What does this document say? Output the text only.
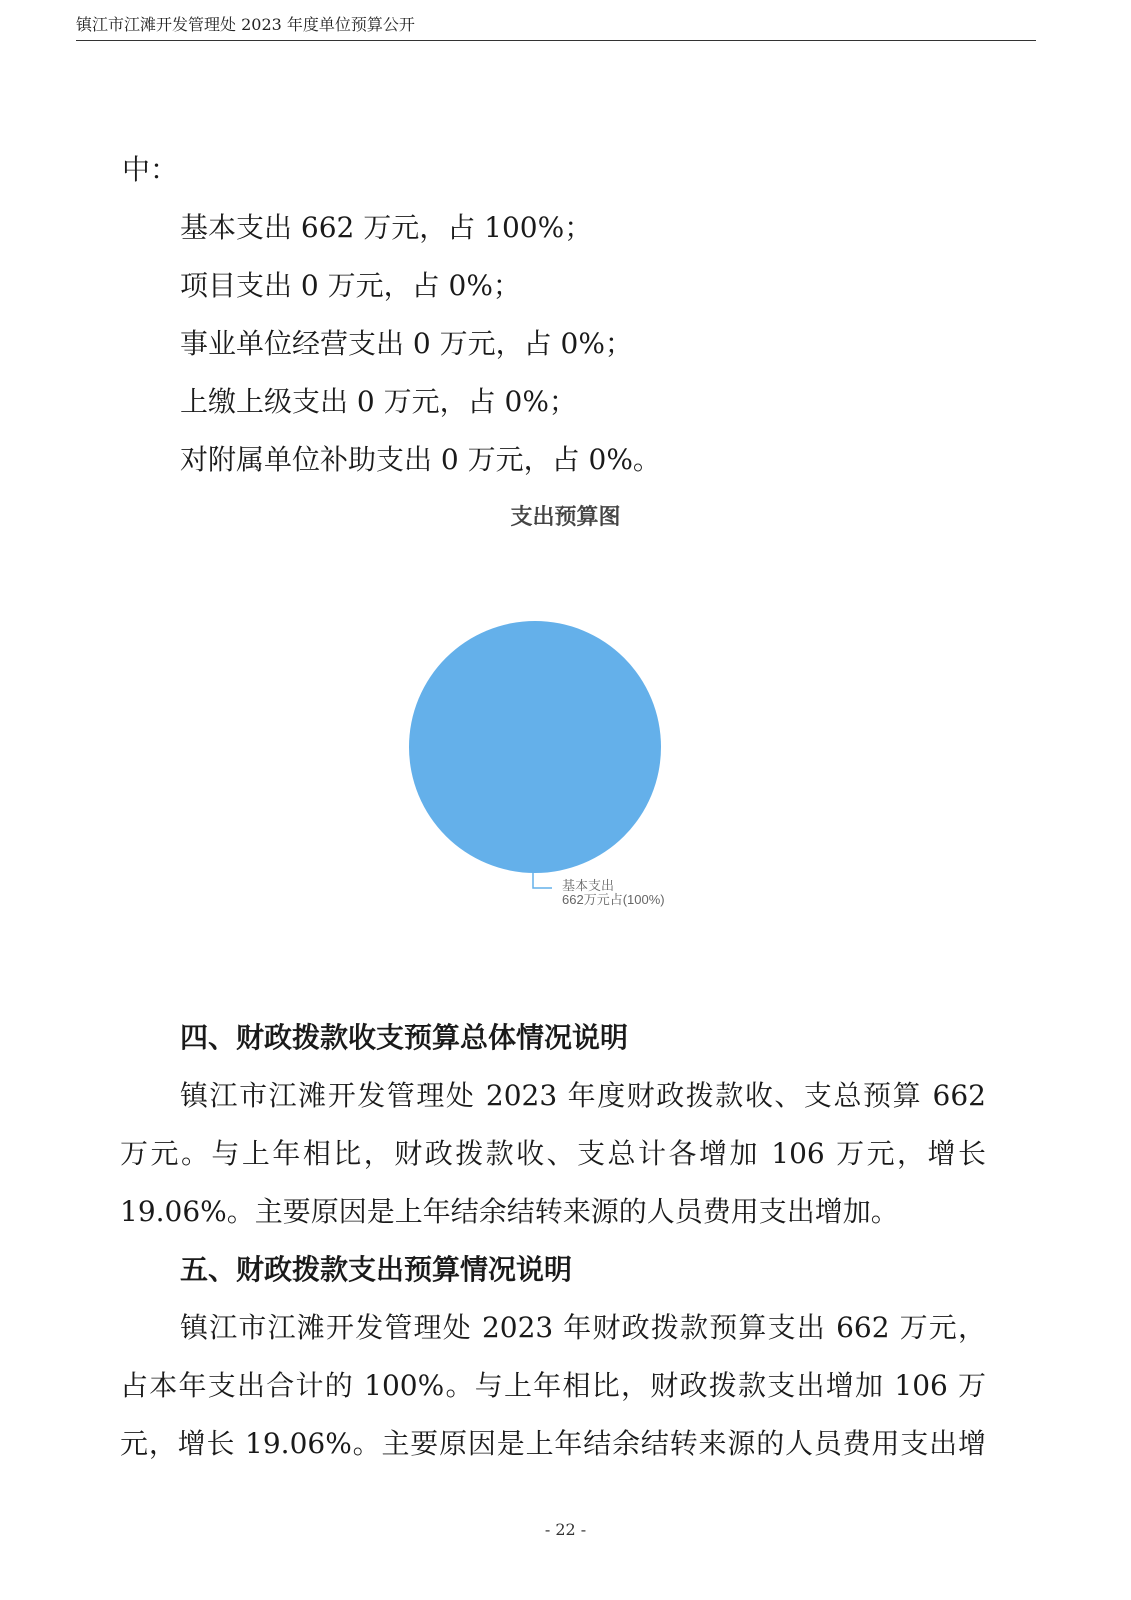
镇江市江滩开发管理处 2023 年度单位预算公开
中：
基本支出 662 万元，占 100%；
项目支出 0 万元，占 0%；
事业单位经营支出 0 万元，占 0%；
上缴上级支出 0 万元，占 0%；
对附属单位补助支出 0 万元，占 0%。
支出预算图
基本支出
662万元占(100%)
四、财政拨款收支预算总体情况说明
镇江市江滩开发管理处 2023 年度财政拨款收、支总预算 662
万元。与上年相比，财政拨款收、支总计各增加 106 万元，增长
19.06%。主要原因是上年结余结转来源的人员费用支出增加。
五、财政拨款支出预算情况说明
镇江市江滩开发管理处 2023 年财政拨款预算支出 662 万元，
占本年支出合计的 100%。与上年相比，财政拨款支出增加 106 万
元，增长 19.06%。主要原因是上年结余结转来源的人员费用支出增
- 22 -
